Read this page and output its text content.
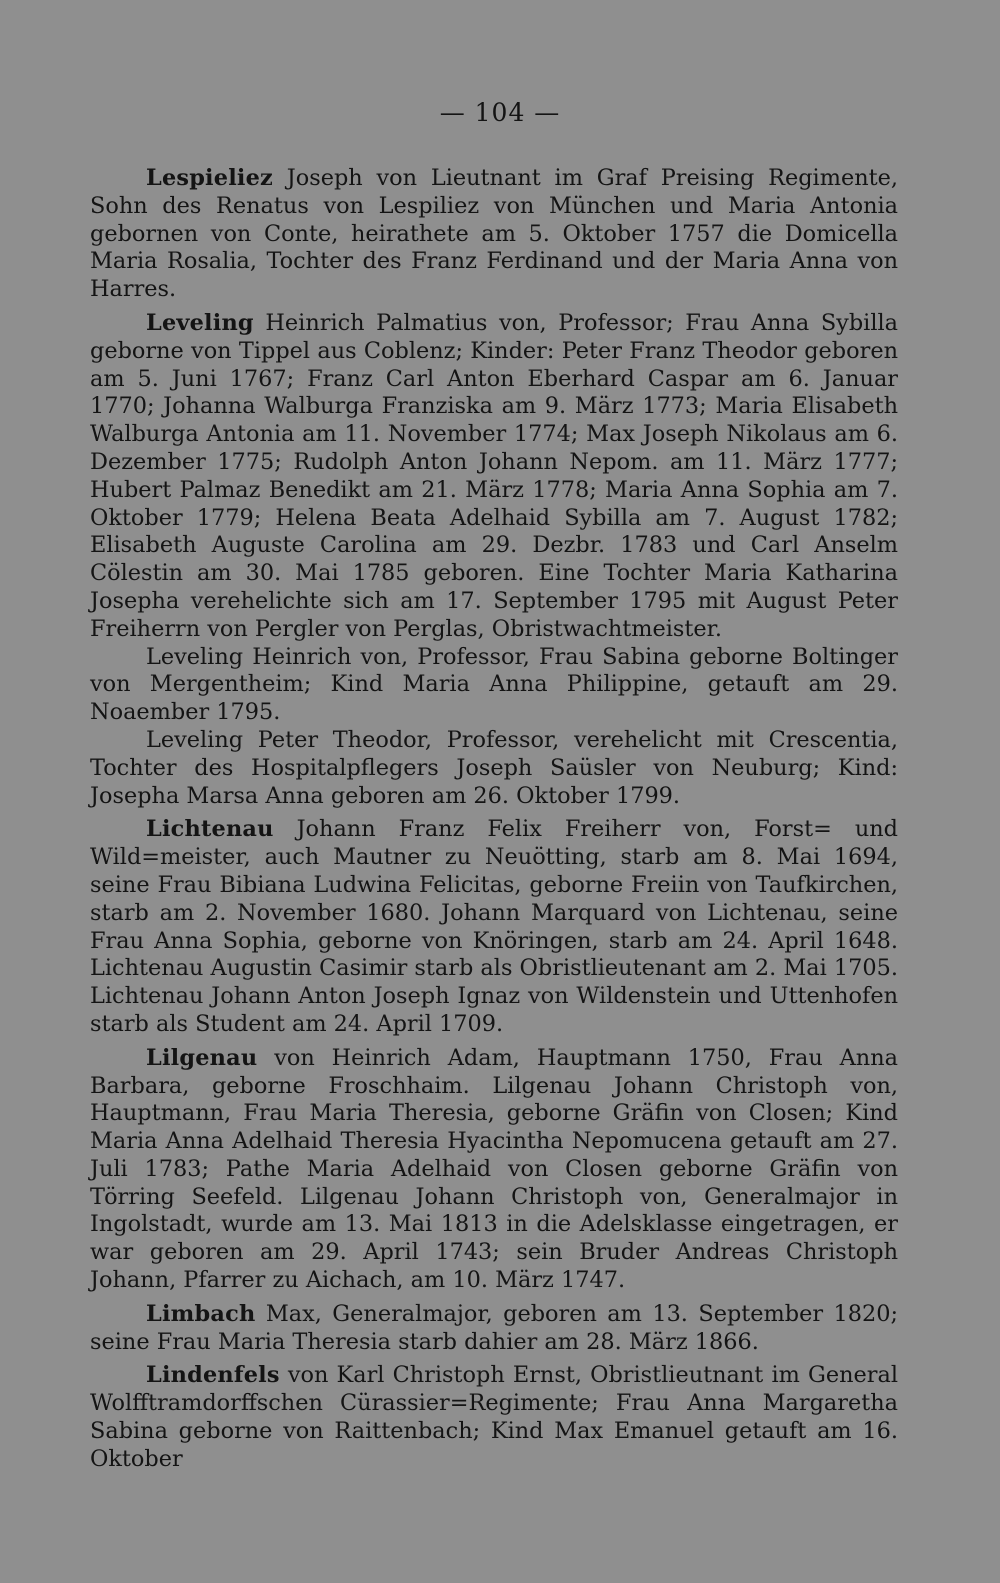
— 104 —

Lespieliez Joseph von Lieutnant im Graf Preising Regimente, Sohn des Renatus von Lespiliez von München und Maria Antonia gebornen von Conte, heirathete am 5. Oktober 1757 die Domicella Maria Rosalia, Tochter des Franz Ferdinand und der Maria Anna von Harres.

Leveling Heinrich Palmatius von, Professor; Frau Anna Sybilla geborne von Tippel aus Coblenz; Kinder: Peter Franz Theodor geboren am 5. Juni 1767; Franz Carl Anton Eberhard Caspar am 6. Januar 1770; Johanna Walburga Franziska am 9. März 1773; Maria Elisabeth Walburga Antonia am 11. November 1774; Max Joseph Nikolaus am 6. Dezember 1775; Rudolph Anton Johann Nepom. am 11. März 1777; Hubert Palmaz Benedikt am 21. März 1778; Maria Anna Sophia am 7. Oktober 1779; Helena Beata Adelhaid Sybilla am 7. August 1782; Elisabeth Auguste Carolina am 29. Dezbr. 1783 und Carl Anselm Cölestin am 30. Mai 1785 geboren. Eine Tochter Maria Katharina Josepha verehelichte sich am 17. September 1795 mit August Peter Freiherrn von Pergler von Perglas, Obristwachtmeister.

Leveling Heinrich von, Professor, Frau Sabina geborne Boltinger von Mergentheim; Kind Maria Anna Philippine, getauft am 29. Noaember 1795.

Leveling Peter Theodor, Professor, verehelicht mit Crescentia, Tochter des Hospitalpflegers Joseph Saüsler von Neuburg; Kind: Josepha Marsa Anna geboren am 26. Oktober 1799.

Lichtenau Johann Franz Felix Freiherr von, Forst= und Wild=meister, auch Mautner zu Neuötting, starb am 8. Mai 1694, seine Frau Bibiana Ludwina Felicitas, geborne Freiin von Taufkirchen, starb am 2. November 1680. Johann Marquard von Lichtenau, seine Frau Anna Sophia, geborne von Knöringen, starb am 24. April 1648. Lichtenau Augustin Casimir starb als Obristlieutenant am 2. Mai 1705. Lichtenau Johann Anton Joseph Ignaz von Wildenstein und Uttenhofen starb als Student am 24. April 1709.

Lilgenau von Heinrich Adam, Hauptmann 1750, Frau Anna Barbara, geborne Froschhaim. Lilgenau Johann Christoph von, Hauptmann, Frau Maria Theresia, geborne Gräfin von Closen; Kind Maria Anna Adelhaid Theresia Hyacintha Nepomucena getauft am 27. Juli 1783; Pathe Maria Adelhaid von Closen geborne Gräfin von Törring Seefeld. Lilgenau Johann Christoph von, Generalmajor in Ingolstadt, wurde am 13. Mai 1813 in die Adelsklasse eingetragen, er war geboren am 29. April 1743; sein Bruder Andreas Christoph Johann, Pfarrer zu Aichach, am 10. März 1747.

Limbach Max, Generalmajor, geboren am 13. September 1820; seine Frau Maria Theresia starb dahier am 28. März 1866.

Lindenfels von Karl Christoph Ernst, Obristlieutnant im General Wolfftramdorffschen Cürassier=Regimente; Frau Anna Margaretha Sabina geborne von Raittenbach; Kind Max Emanuel getauft am 16. Oktober
